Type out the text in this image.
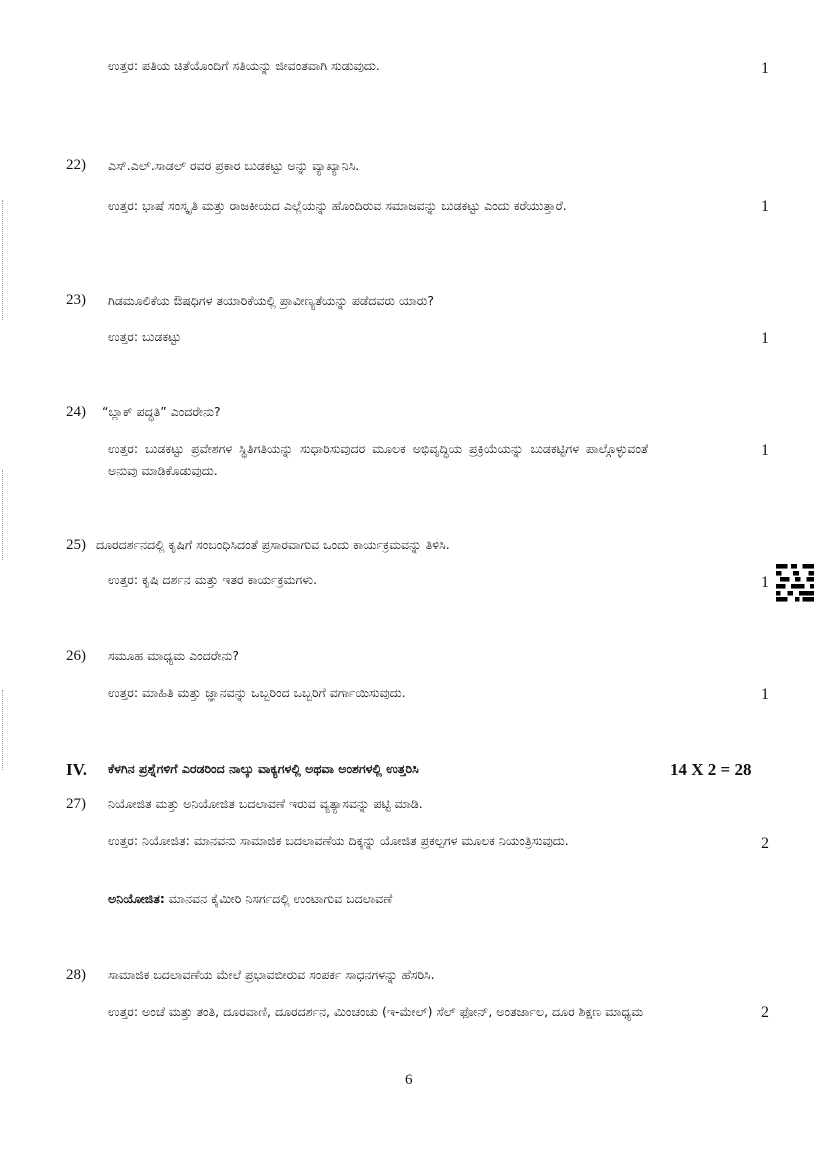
ಉತ್ತರ: ಪತಿಯ ಚಿತೆಯೊಂದಿಗೆ ಸತಿಯನ್ನು ಜೀವಂತವಾಗಿ ಸುಡುವುದು.	1
22) ಎಸ್.ಎಲ್.ಸಾಡಲ್ ರವರ ಪ್ರಕಾರ ಬುಡಕಟ್ಟು ಅನ್ನು ವ್ಯಾಖ್ಯಾನಿಸಿ.
ಉತ್ತರ: ಭಾಷೆ ಸಂಸ್ಕೃತಿ ಮತ್ತು ರಾಜಕೀಯದ ಎಲ್ಲೆಯನ್ನು ಹೊಂದಿರುವ ಸಮಾಜವನ್ನು ಬುಡಕಟ್ಟು ಎಂದು ಕರೆಯುತ್ತಾರೆ.	1
23) ಗಿಡಮೂಲಿಕೆಯ ಔಷಧಿಗಳ ತಯಾರಿಕೆಯಲ್ಲಿ ಪ್ರಾವೀಣ್ಯತೆಯನ್ನು ಪಡೆದವರು ಯಾರು?
ಉತ್ತರ: ಬುಡಕಟ್ಟು	1
24) “ಬ್ಲಾಕ್ ಪದ್ಧತಿ” ಎಂದರೇನು?
ಉತ್ತರ: ಬುಡಕಟ್ಟು ಪ್ರವೇಶಗಳ ಸ್ಥಿತಿಗತಿಯನ್ನು ಸುಧಾರಿಸುವುದರ ಮೂಲಕ ಅಭಿವೃದ್ಧಿಯ ಪ್ರಕ್ರಿಯೆಯನ್ನು ಬುಡಕಟ್ಟಿಗಳ ಪಾಲ್ಗೊಳ್ಳುವಂತೆ ಅನುವು ಮಾಡಿಕೊಡುವುದು.
1
25) ದೂರದರ್ಶನದಲ್ಲಿ ಕೃಷಿಗೆ ಸಂಬಂಧಿಸಿದಂತೆ ಪ್ರಸಾರವಾಗುವ ಒಂದು ಕಾರ್ಯಕ್ರಮವನ್ನು ತಿಳಿಸಿ.
ಉತ್ತರ: ಕೃಷಿ ದರ್ಶನ ಮತ್ತು ಇತರ ಕಾರ್ಯಕ್ರಮಗಳು.	1
26) ಸಮೂಹ ಮಾಧ್ಯಮ ಎಂದರೇನು?
ಉತ್ತರ: ಮಾಹಿತಿ ಮತ್ತು ಜ್ಞಾನವನ್ನು ಒಬ್ಬರಿಂದ ಒಬ್ಬರಿಗೆ ವರ್ಗಾಯಿಸುವುದು.	1
IV. ಕೆಳಗಿನ ಪ್ರಶ್ನೆಗಳಿಗೆ ಎರಡರಿಂದ ನಾಲ್ಕು ವಾಕ್ಯಗಳಲ್ಲಿ ಅಥವಾ ಅಂಶಗಳಲ್ಲಿ ಉತ್ತರಿಸಿ	14 X 2 = 28
27) ನಿಯೋಜಿತ ಮತ್ತು ಅನಿಯೋಜಿತ ಬದಲಾವಣೆ ಇರುವ ವ್ಯತ್ಯಾಸವನ್ನು ಪಟ್ಟಿ ಮಾಡಿ.
ಉತ್ತರ: ನಿಯೋಜಿತ: ಮಾನವನು ಸಾಮಾಜಿಕ ಬದಲಾವಣೆಯ ದಿಕ್ಕನ್ನು ಯೋಜಿತ ಪ್ರಕಲ್ಪಗಳ ಮೂಲಕ ನಿಯಂತ್ರಿಸುವುದು.	2
ಅನಿಯೋಜಿತ: ಮಾನವನ ಕೈಮೀರಿ ನಿಸರ್ಗದಲ್ಲಿ ಉಂಟಾಗುವ ಬದಲಾವಣೆ
28) ಸಾಮಾಜಿಕ ಬದಲಾವಣೆಯ ಮೇಲೆ ಪ್ರಭಾವಬೀರುವ ಸಂಪರ್ಕ ಸಾಧನಗಳನ್ನು ಹೆಸರಿಸಿ.
ಉತ್ತರ: ಅಂಚೆ ಮತ್ತು ತಂತಿ, ದೂರವಾಣಿ, ದೂರದರ್ಶನ, ಮಿಂಚಂಚು (ಇ-ಮೇಲ್) ಸೆಲ್ ಫೋನ್, ಅಂತರ್ಜಾಲ, ದೂರ ಶಿಕ್ಷಣ ಮಾಧ್ಯಮ	2
6
